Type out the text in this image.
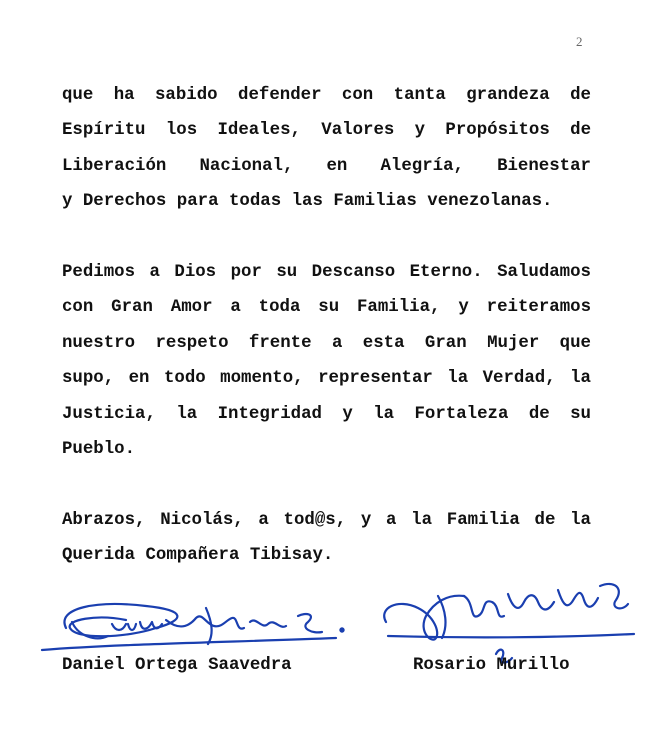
2
que ha sabido defender con tanta grandeza de
Espíritu los Ideales, Valores y Propósitos de
Liberación Nacional, en Alegría, Bienestar
y Derechos para todas las Familias venezolanas.
Pedimos a Dios por su Descanso Eterno. Saludamos
con Gran Amor a toda su Familia, y reiteramos
nuestro respeto frente a esta Gran Mujer que
supo, en todo momento, representar la Verdad, la
Justicia, la Integridad y la Fortaleza de su
Pueblo.
Abrazos, Nicolás, a tod@s, y a la Familia de la
Querida Compañera Tibisay.
Daniel Ortega Saavedra	Rosario Murillo
